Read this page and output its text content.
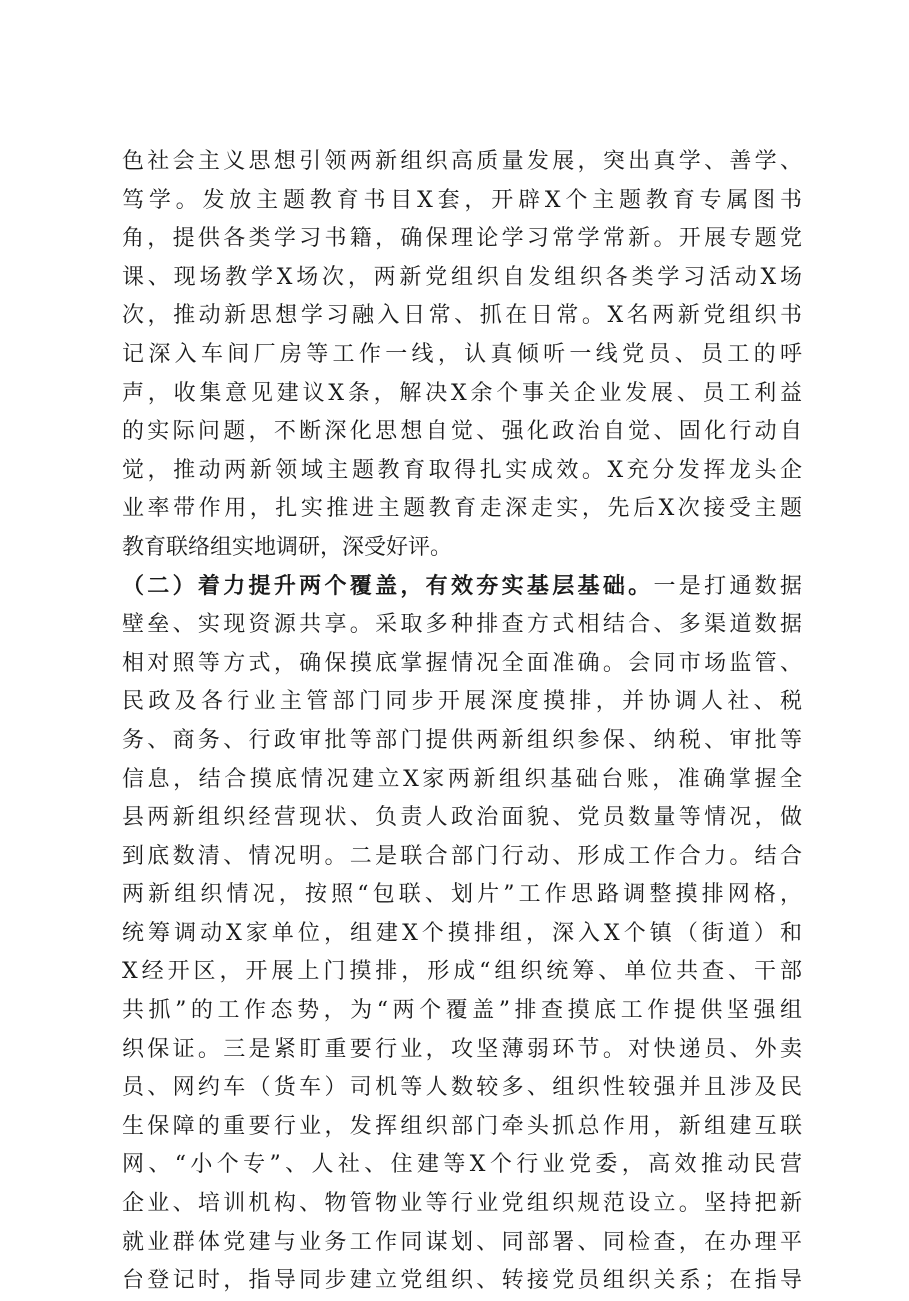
色社会主义思想引领两新组织高质量发展，突出真学、善学、
笃学。发放主题教育书目X套，开辟X个主题教育专属图书
角，提供各类学习书籍，确保理论学习常学常新。开展专题党
课、现场教学X场次，两新党组织自发组织各类学习活动X场
次，推动新思想学习融入日常、抓在日常。X名两新党组织书
记深入车间厂房等工作一线，认真倾听一线党员、员工的呼
声，收集意见建议X条，解决X余个事关企业发展、员工利益
的实际问题，不断深化思想自觉、强化政治自觉、固化行动自
觉，推动两新领域主题教育取得扎实成效。X充分发挥龙头企
业率带作用，扎实推进主题教育走深走实，先后X次接受主题
教育联络组实地调研，深受好评。
（二）着力提升两个覆盖，有效夯实基层基础。一是打通数据
壁垒、实现资源共享。采取多种排查方式相结合、多渠道数据
相对照等方式，确保摸底掌握情况全面准确。会同市场监管、
民政及各行业主管部门同步开展深度摸排，并协调人社、税
务、商务、行政审批等部门提供两新组织参保、纳税、审批等
信息，结合摸底情况建立X家两新组织基础台账，准确掌握全
县两新组织经营现状、负责人政治面貌、党员数量等情况，做
到底数清、情况明。二是联合部门行动、形成工作合力。结合
两新组织情况，按照“包联、划片”工作思路调整摸排网格，
统筹调动X家单位，组建X个摸排组，深入X个镇（街道）和
X经开区，开展上门摸排，形成“组织统筹、单位共查、干部
共抓”的工作态势，为“两个覆盖”排查摸底工作提供坚强组
织保证。三是紧盯重要行业，攻坚薄弱环节。对快递员、外卖
员、网约车（货车）司机等人数较多、组织性较强并且涉及民
生保障的重要行业，发挥组织部门牵头抓总作用，新组建互联
网、“小个专”、人社、住建等X个行业党委，高效推动民营
企业、培训机构、物管物业等行业党组织规范设立。坚持把新
就业群体党建与业务工作同谋划、同部署、同检查，在办理平
台登记时，指导同步建立党组织、转接党员组织关系；在指导
